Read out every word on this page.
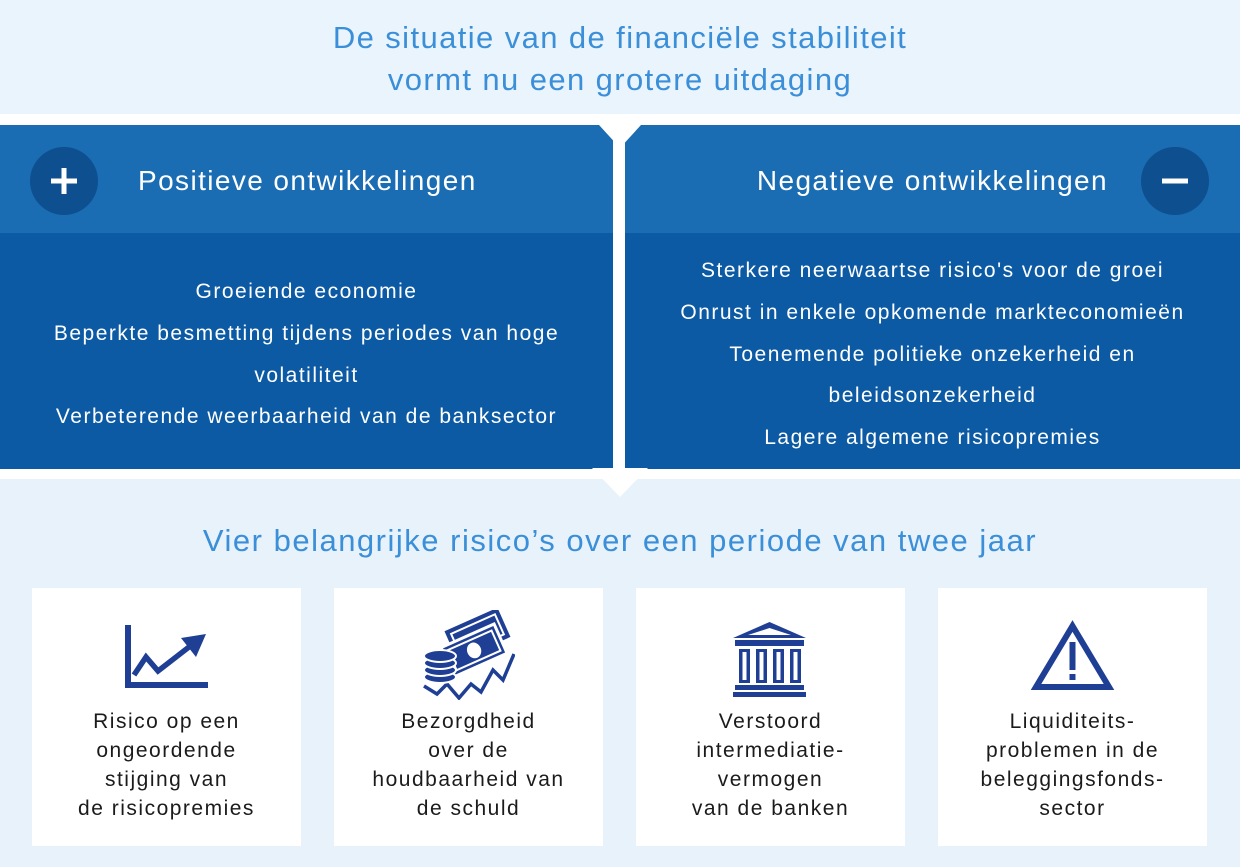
De situatie van de financiële stabiliteit
vormt nu een grotere uitdaging
Positieve ontwikkelingen
Groeiende economie
Beperkte besmetting tijdens periodes van hoge
volatiliteit
Verbeterende weerbaarheid van de banksector
Negatieve ontwikkelingen
Sterkere neerwaartse risico's voor de groei
Onrust in enkele opkomende markteconomieën
Toenemende politieke onzekerheid en
beleidsonzekerheid
Lagere algemene risicopremies
Vier belangrijke risico’s over een periode van twee jaar
Risico op een
ongeordende
stijging van
de risicopremies
Bezorgdheid
over de
houdbaarheid van
de schuld
Verstoord
intermediatie-
vermogen
van de banken
Liquiditeits-
problemen in de
beleggingsfonds-
sector
